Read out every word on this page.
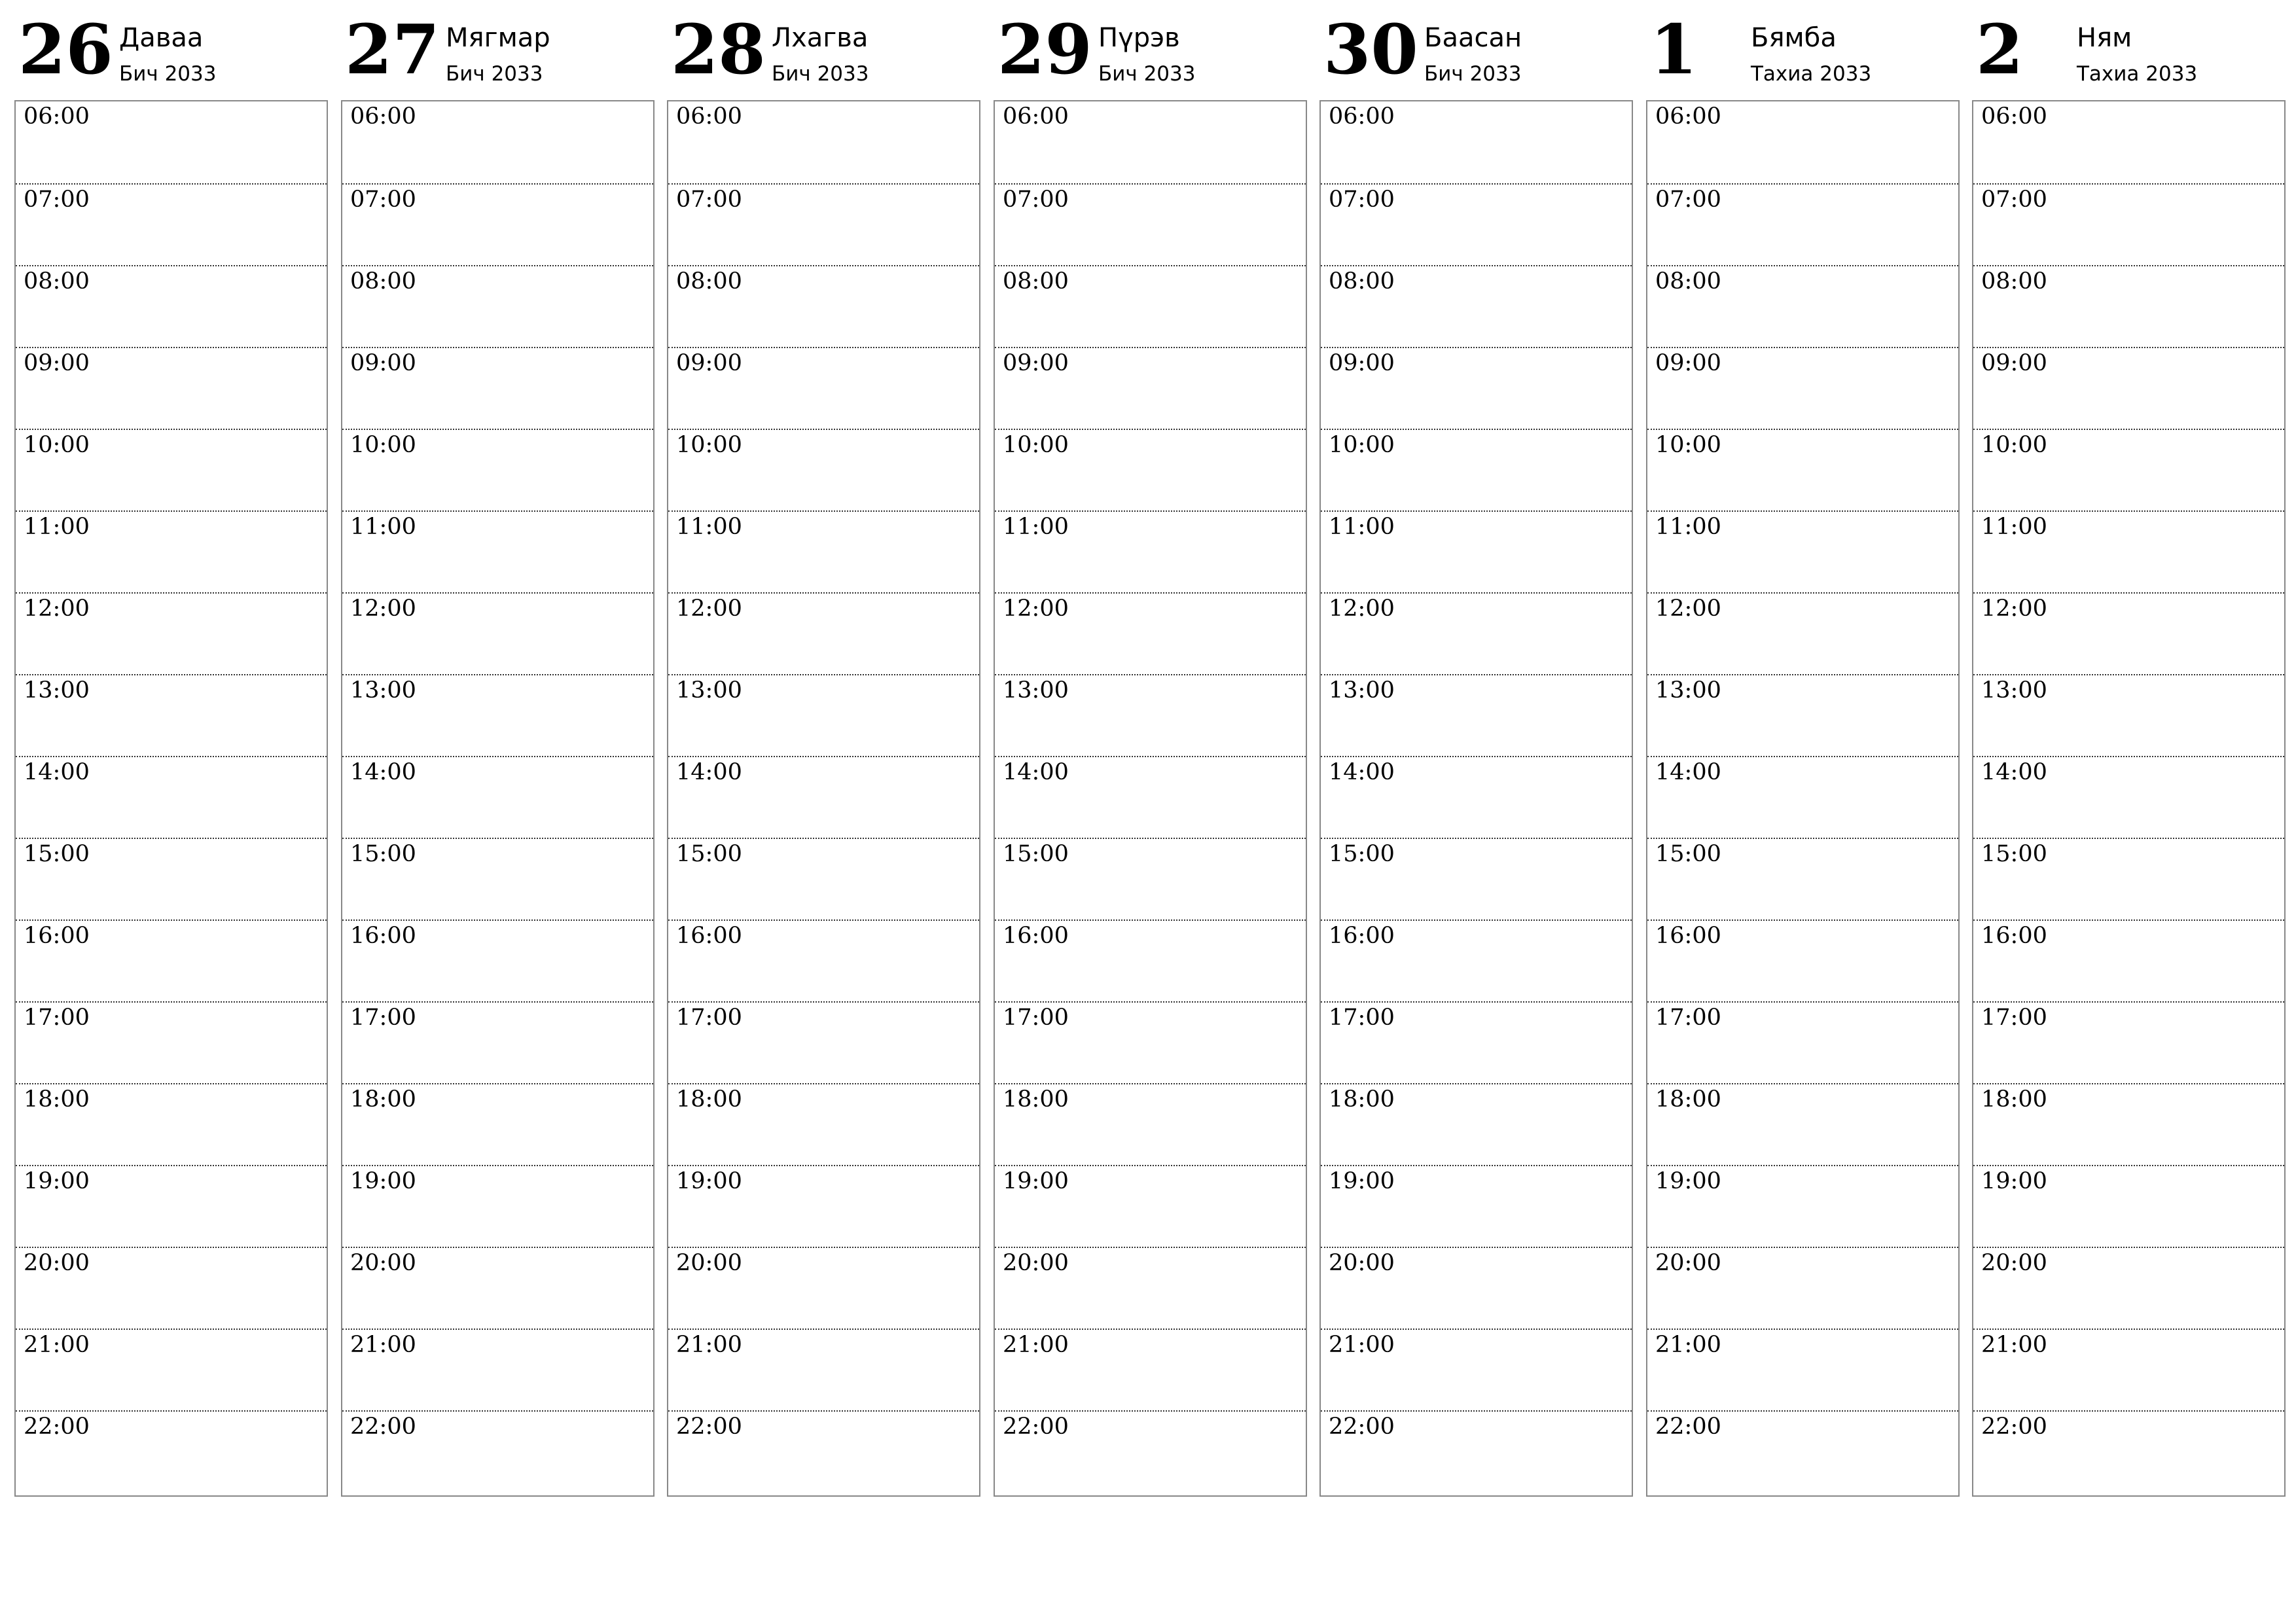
26 Даваа
Бич 2033
06:00
07:00
08:00
09:00
10:00
11:00
12:00
13:00
14:00
15:00
16:00
17:00
18:00
19:00
20:00
21:00
22:00
27 Мягмар
Бич 2033
06:00
07:00
08:00
09:00
10:00
11:00
12:00
13:00
14:00
15:00
16:00
17:00
18:00
19:00
20:00
21:00
22:00
28 Лхагва
Бич 2033
06:00
07:00
08:00
09:00
10:00
11:00
12:00
13:00
14:00
15:00
16:00
17:00
18:00
19:00
20:00
21:00
22:00
29 Пүрэв
Бич 2033
06:00
07:00
08:00
09:00
10:00
11:00
12:00
13:00
14:00
15:00
16:00
17:00
18:00
19:00
20:00
21:00
22:00
30 Баасан
Бич 2033
06:00
07:00
08:00
09:00
10:00
11:00
12:00
13:00
14:00
15:00
16:00
17:00
18:00
19:00
20:00
21:00
22:00
1 Бямба
Тахиа 2033
06:00
07:00
08:00
09:00
10:00
11:00
12:00
13:00
14:00
15:00
16:00
17:00
18:00
19:00
20:00
21:00
22:00
2 Ням
Тахиа 2033
06:00
07:00
08:00
09:00
10:00
11:00
12:00
13:00
14:00
15:00
16:00
17:00
18:00
19:00
20:00
21:00
22:00
